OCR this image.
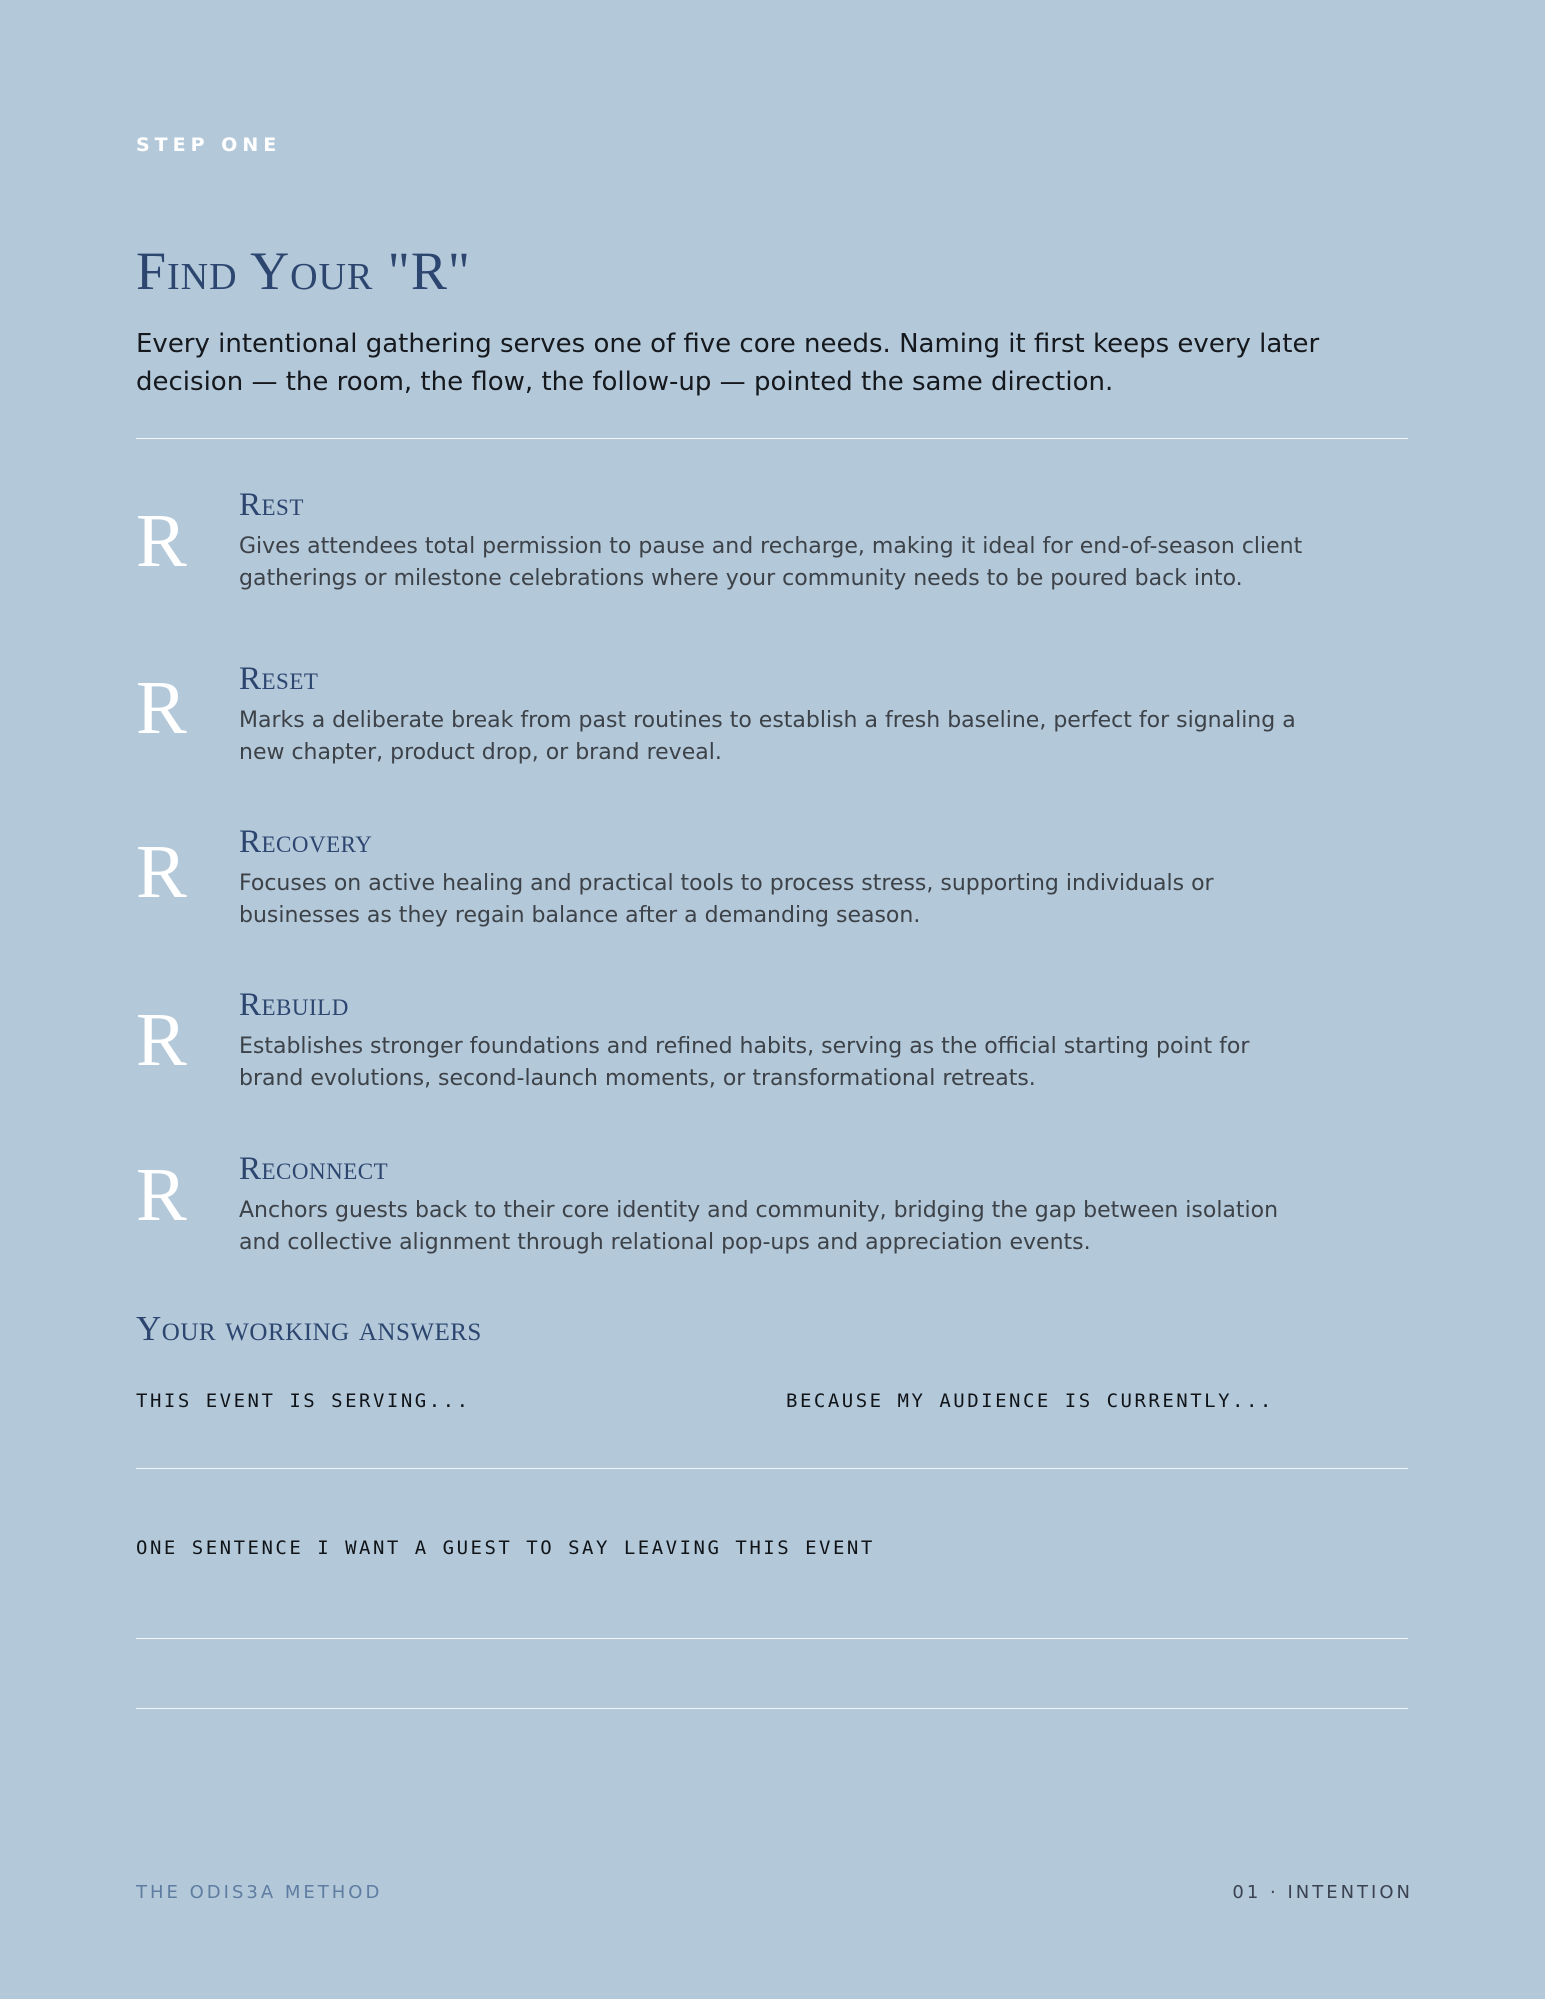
STEP ONE
Find Your "R"

Every intentional gathering serves one of five core needs. Naming it first keeps every later decision — the room, the flow, the follow-up — pointed the same direction.

R Rest

Gives attendees total permission to pause and recharge, making it ideal for end-of-season client gatherings or milestone celebrations where your community needs to be poured back into.

R Reset

Marks a deliberate break from past routines to establish a fresh baseline, perfect for signaling a new chapter, product drop, or brand reveal.

R Recovery

Focuses on active healing and practical tools to process stress, supporting individuals or businesses as they regain balance after a demanding season.

R Rebuild

Establishes stronger foundations and refined habits, serving as the official starting point for brand evolutions, second-launch moments, or transformational retreats.

R Reconnect

Anchors guests back to their core identity and community, bridging the gap between isolation and collective alignment through relational pop-ups and appreciation events.

Your working answers
THIS EVENT IS SERVING...	BECAUSE MY AUDIENCE IS CURRENTLY...
ONE SENTENCE I WANT A GUEST TO SAY LEAVING THIS EVENT
THE ODIS3A METHOD	01 · INTENTION
